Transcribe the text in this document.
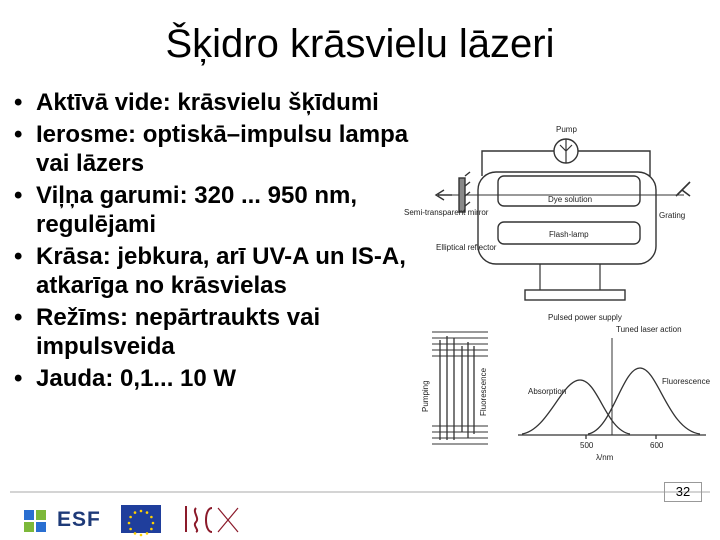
Šķidro krāsvielu lāzeri
• Aktīvā vide: krāsvielu šķīdumi
• Ierosme: optiskā–impulsu lampa vai lāzers
• Viļņa garumi: 320 ... 950 nm, regulējami
• Krāsa: jebkura, arī UV-A un IS-A, atkarīga no krāsvielas
• Režīms: nepārtraukts vai impulsveida
• Jauda: 0,1... 10 W
Pump
Dye solution
Semi-transparent mirror	Grating
Elliptical reflector
Flash-lamp
Pulsed power supply
Pumping	Fluorescence
Tuned laser action
Absorption
Fluorescence
500	600
λ/nm
ESF
32
